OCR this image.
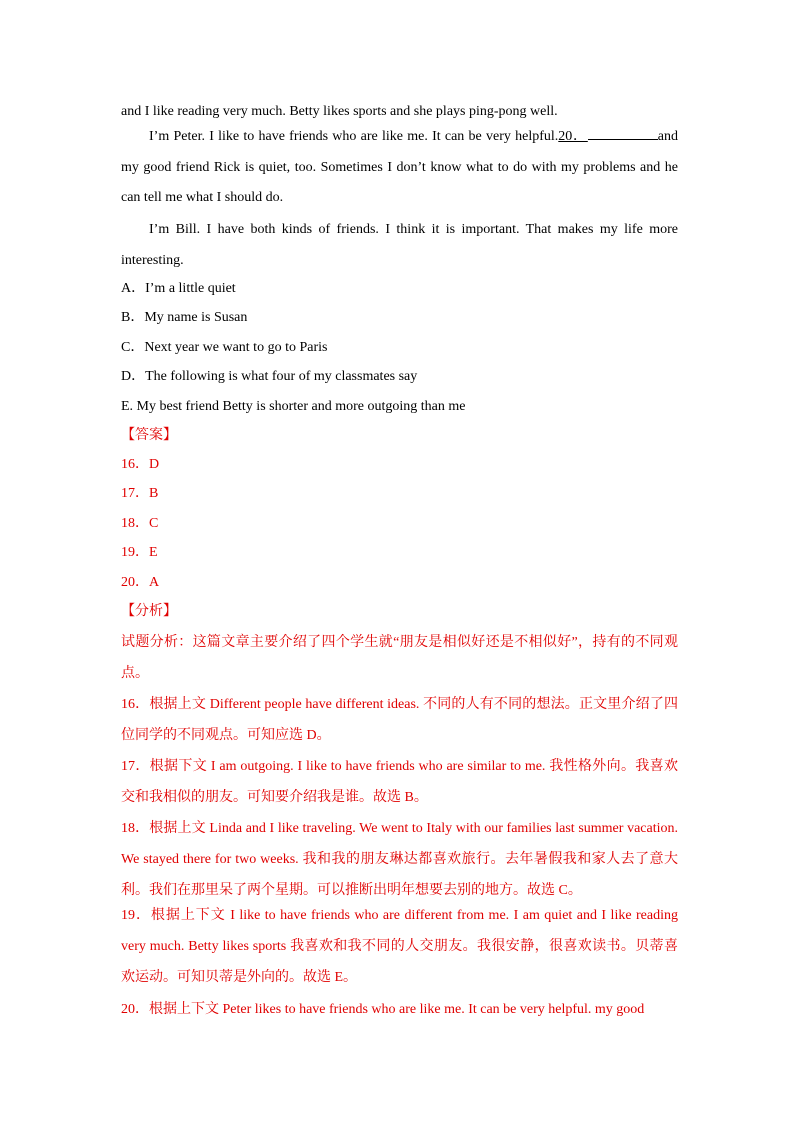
and I like reading very much. Betty likes sports and she plays ping-pong well.
I’m Peter. I like to have friends who are like me. It can be very helpful.20．	and my good friend Rick is quiet, too. Sometimes I don’t know what to do with my problems and he can tell me what I should do.
I’m Bill. I have both kinds of friends. I think it is important. That makes my life more interesting.
A．I’m a little quiet
B．My name is Susan
C．Next year we want to go to Paris
D．The following is what four of my classmates say
E. My best friend Betty is shorter and more outgoing than me
【答案】
16．D
17．B
18．C
19．E
20．A
【分析】
试题分析：这篇文章主要介绍了四个学生就“朋友是相似好还是不相似好”，持有的不同观点。
16．根据上文 Different people have different ideas. 不同的人有不同的想法。正文里介绍了四位同学的不同观点。可知应选 D。
17．根据下文 I am outgoing. I like to have friends who are similar to me. 我性格外向。我喜欢交和我相似的朋友。可知要介绍我是谁。故选 B。
18．根据上文 Linda and I like traveling. We went to Italy with our families last summer vacation. We stayed there for two weeks. 我和我的朋友琳达都喜欢旅行。去年暑假我和家人去了意大利。我们在那里呆了两个星期。可以推断出明年想要去别的地方。故选 C。
19．根据上下文 I like to have friends who are different from me. I am quiet and I like reading very much. Betty likes sports 我喜欢和我不同的人交朋友。我很安静，很喜欢读书。贝蒂喜欢运动。可知贝蒂是外向的。故选 E。
20．根据上下文 Peter likes to have friends who are like me. It can be very helpful. my good
